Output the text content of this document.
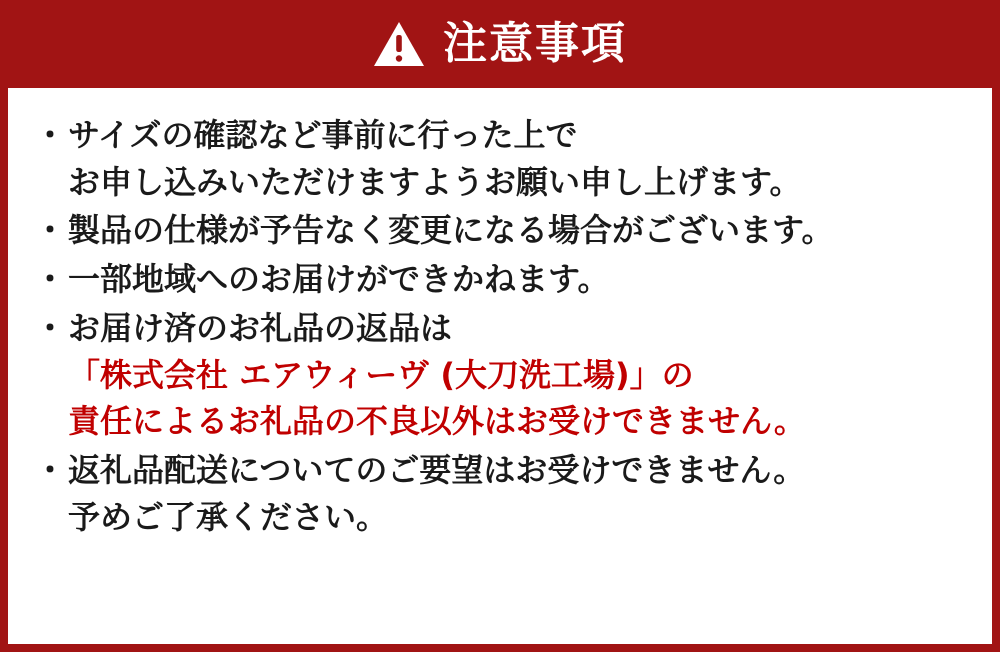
注意事項
・ サイズの確認など事前に行った上で
お申し込みいただけますようお願い申し上げます。
・ 製品の仕様が予告なく変更になる場合がございます。
・ 一部地域へのお届けができかねます。
・ お届け済のお礼品の返品は
「株式会社 エアウィーヴ (大刀洗工場)」の
責任によるお礼品の不良以外はお受けできません。
・ 返礼品配送についてのご要望はお受けできません。
予めご了承ください。
